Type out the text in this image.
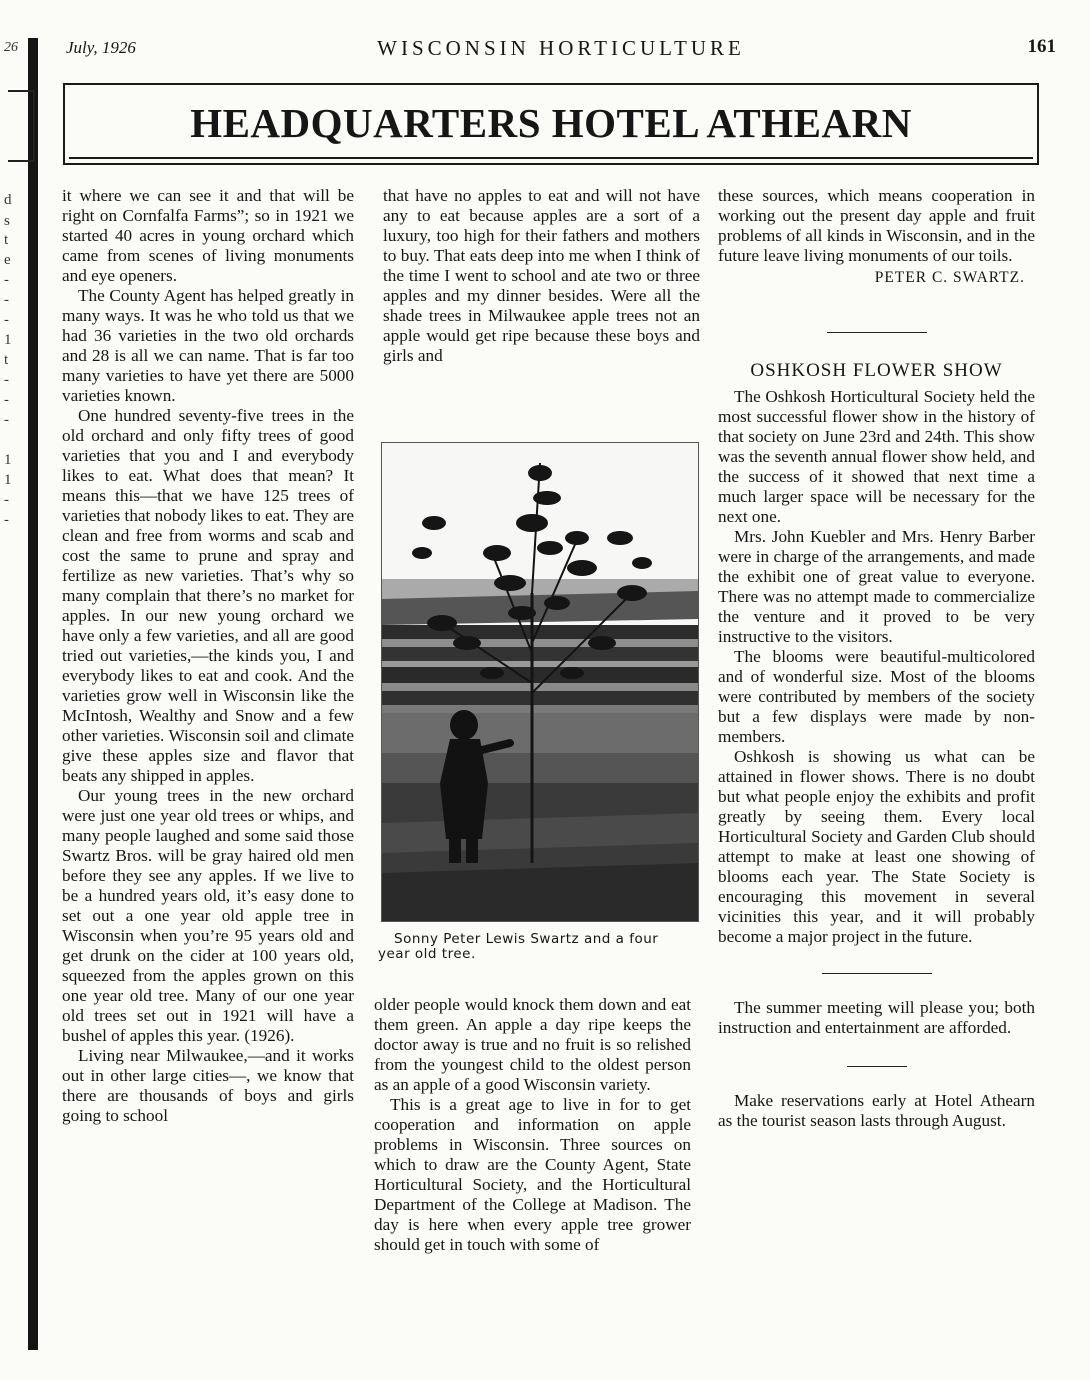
26
d
s
t
e
-
-
-
1
t
-
-
-
1
1
-
-
July, 1926	WISCONSIN HORTICULTURE	161
HEADQUARTERS HOTEL ATHEARN

it where we can see it and that will be right on Cornfalfa Farms”; so in 1921 we started 40 acres in young orchard which came from scenes of living monuments and eye openers.

The County Agent has helped greatly in many ways. It was he who told us that we had 36 varieties in the two old orchards and 28 is all we can name. That is far too many varieties to have yet there are 5000 varieties known.

One hundred seventy-five trees in the old orchard and only fifty trees of good varieties that you and I and everybody likes to eat. What does that mean? It means this—that we have 125 trees of varieties that nobody likes to eat. They are clean and free from worms and scab and cost the same to prune and spray and fertilize as new varieties. That’s why so many complain that there’s no market for apples. In our new young orchard we have only a few varieties, and all are good tried out varieties,—the kinds you, I and everybody likes to eat and cook. And the varieties grow well in Wisconsin like the McIntosh, Wealthy and Snow and a few other varieties. Wisconsin soil and climate give these apples size and flavor that beats any shipped in apples.

Our young trees in the new orchard were just one year old trees or whips, and many people laughed and some said those Swartz Bros. will be gray haired old men before they see any apples. If we live to be a hundred years old, it’s easy done to set out a one year old apple tree in Wisconsin when you’re 95 years old and get drunk on the cider at 100 years old, squeezed from the apples grown on this one year old tree. Many of our one year old trees set out in 1921 will have a bushel of apples this year. (1926).

Living near Milwaukee,—and it works out in other large cities—, we know that there are thousands of boys and girls going to school

that have no apples to eat and will not have any to eat because apples are a sort of a luxury, too high for their fathers and mothers to buy. That eats deep into me when I think of the time I went to school and ate two or three apples and my dinner besides. Were all the shade trees in Milwaukee apple trees not an apple would get ripe because these boys and girls and

Sonny Peter Lewis Swartz and a four year old tree.

older people would knock them down and eat them green. An apple a day ripe keeps the doctor away is true and no fruit is so relished from the youngest child to the oldest person as an apple of a good Wisconsin variety.

This is a great age to live in for to get cooperation and information on apple problems in Wisconsin. Three sources on which to draw are the County Agent, State Horticultural Society, and the Horticultural Department of the College at Madison. The day is here when every apple tree grower should get in touch with some of

these sources, which means cooperation in working out the present day apple and fruit problems of all kinds in Wisconsin, and in the future leave living monuments of our toils.

PETER C. SWARTZ.
OSHKOSH FLOWER SHOW

The Oshkosh Horticultural Society held the most successful flower show in the history of that society on June 23rd and 24th. This show was the seventh annual flower show held, and the success of it showed that next time a much larger space will be necessary for the next one.

Mrs. John Kuebler and Mrs. Henry Barber were in charge of the arrangements, and made the exhibit one of great value to everyone. There was no attempt made to commercialize the venture and it proved to be very instructive to the visitors.

The blooms were beautiful-multicolored and of wonderful size. Most of the blooms were contributed by members of the society but a few displays were made by non-members.

Oshkosh is showing us what can be attained in flower shows. There is no doubt but what people enjoy the exhibits and profit greatly by seeing them. Every local Horticultural Society and Garden Club should attempt to make at least one showing of blooms each year. The State Society is encouraging this movement in several vicinities this year, and it will probably become a major project in the future.

The summer meeting will please you; both instruction and entertainment are afforded.

Make reservations early at Hotel Athearn as the tourist season lasts through August.
